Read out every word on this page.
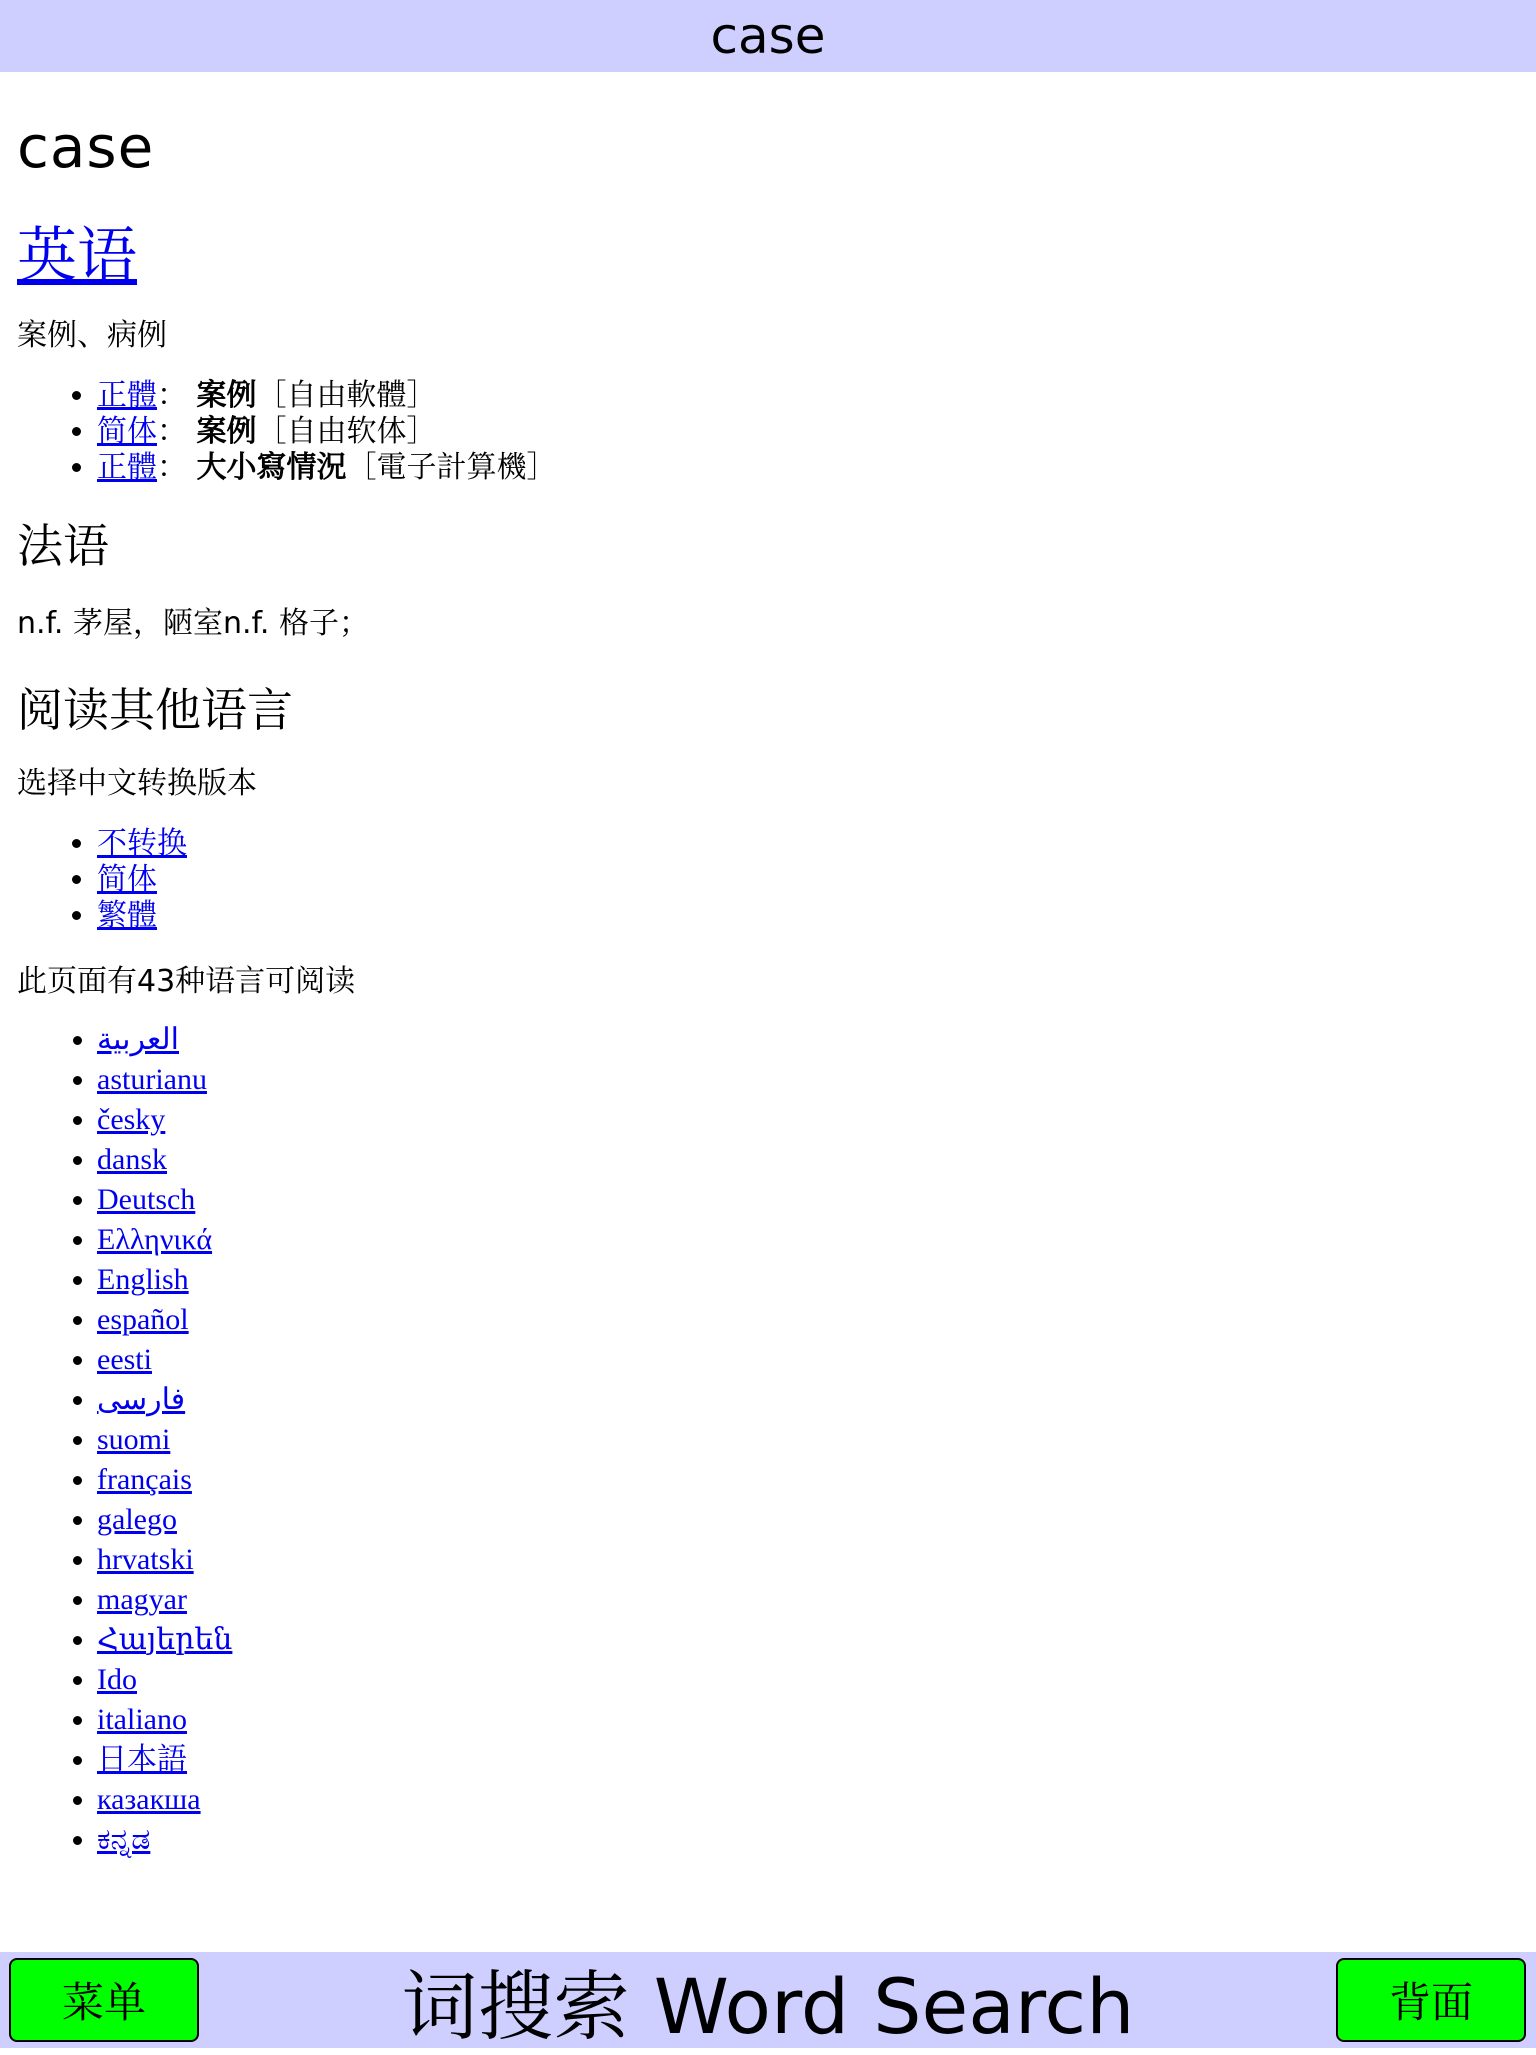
case
case
英语

案例、病例

• 正體： 案例［自由軟體］
• 简体： 案例［自由软体］
• 正體： 大小寫情況［電子計算機］
法语

n.f. 茅屋，陋室n.f. 格子；

阅读其他语言

选择中文转换版本

• 不转换
• 简体
• 繁體

此页面有43种语言可阅读

• العربية
• asturianu
• česky
• dansk
• Deutsch
• Ελληνικά
• English
• español
• eesti
• فارسی
• suomi
• français
• galego
• hrvatski
• magyar
• Հայերեն
• Ido
• italiano
• 日本語
• казакша
• ಕನ್ನಡ
菜单	词搜索 Word Search	背面
